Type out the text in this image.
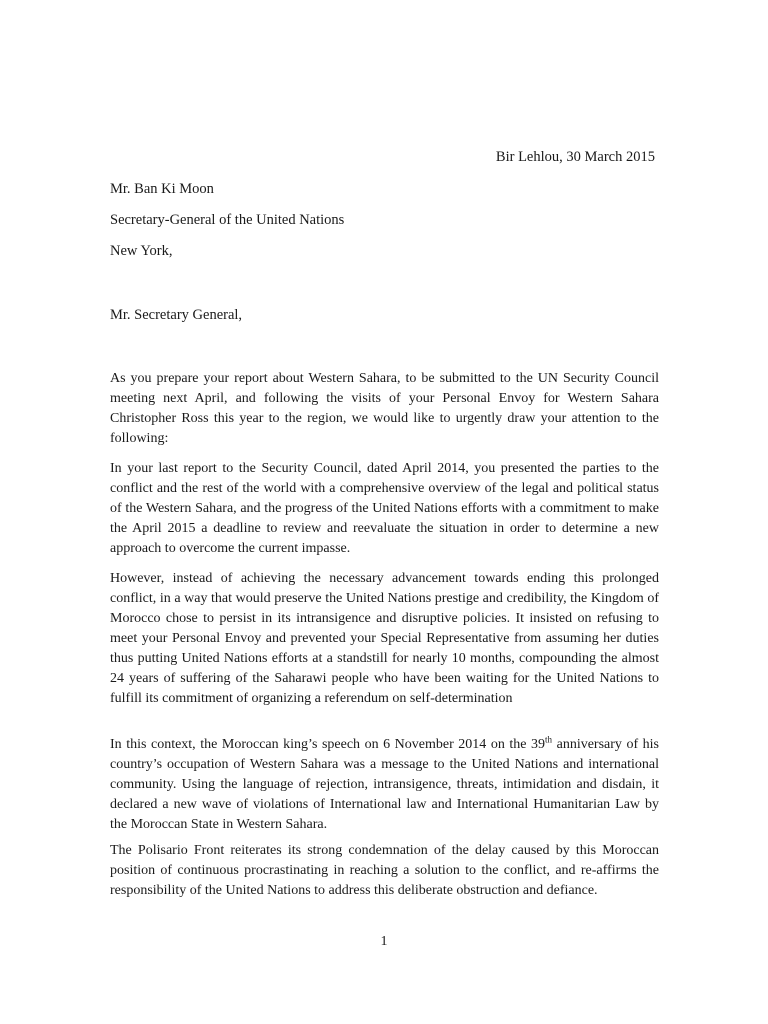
Bir Lehlou, 30 March 2015
Mr. Ban Ki Moon
Secretary-General of the United Nations
New York,
Mr. Secretary General,

As you prepare your report about Western Sahara, to be submitted to the UN Security Council meeting next April, and following the visits of your Personal Envoy for Western Sahara Christopher Ross this year to the region, we would like to urgently draw your attention to the following:

In your last report to the Security Council, dated April 2014, you presented the parties to the conflict and the rest of the world with a comprehensive overview of the legal and political status of the Western Sahara, and the progress of the United Nations efforts with a commitment to make the April 2015 a deadline to review and reevaluate the situation in order to determine a new approach to overcome the current impasse.

However, instead of achieving the necessary advancement towards ending this prolonged conflict, in a way that would preserve the United Nations prestige and credibility, the Kingdom of Morocco chose to persist in its intransigence and disruptive policies. It insisted on refusing to meet your Personal Envoy and prevented your Special Representative from assuming her duties thus putting United Nations efforts at a standstill for nearly 10 months, compounding the almost 24 years of suffering of the Saharawi people who have been waiting for the United Nations to fulfill its commitment of organizing a referendum on self-determination

In this context, the Moroccan king’s speech on 6 November 2014 on the 39th anniversary of his country’s occupation of Western Sahara was a message to the United Nations and international community. Using the language of rejection, intransigence, threats, intimidation and disdain, it declared a new wave of violations of International law and International Humanitarian Law by the Moroccan State in Western Sahara.

The Polisario Front reiterates its strong condemnation of the delay caused by this Moroccan position of continuous procrastinating in reaching a solution to the conflict, and re-affirms the responsibility of the United Nations to address this deliberate obstruction and defiance.

1
